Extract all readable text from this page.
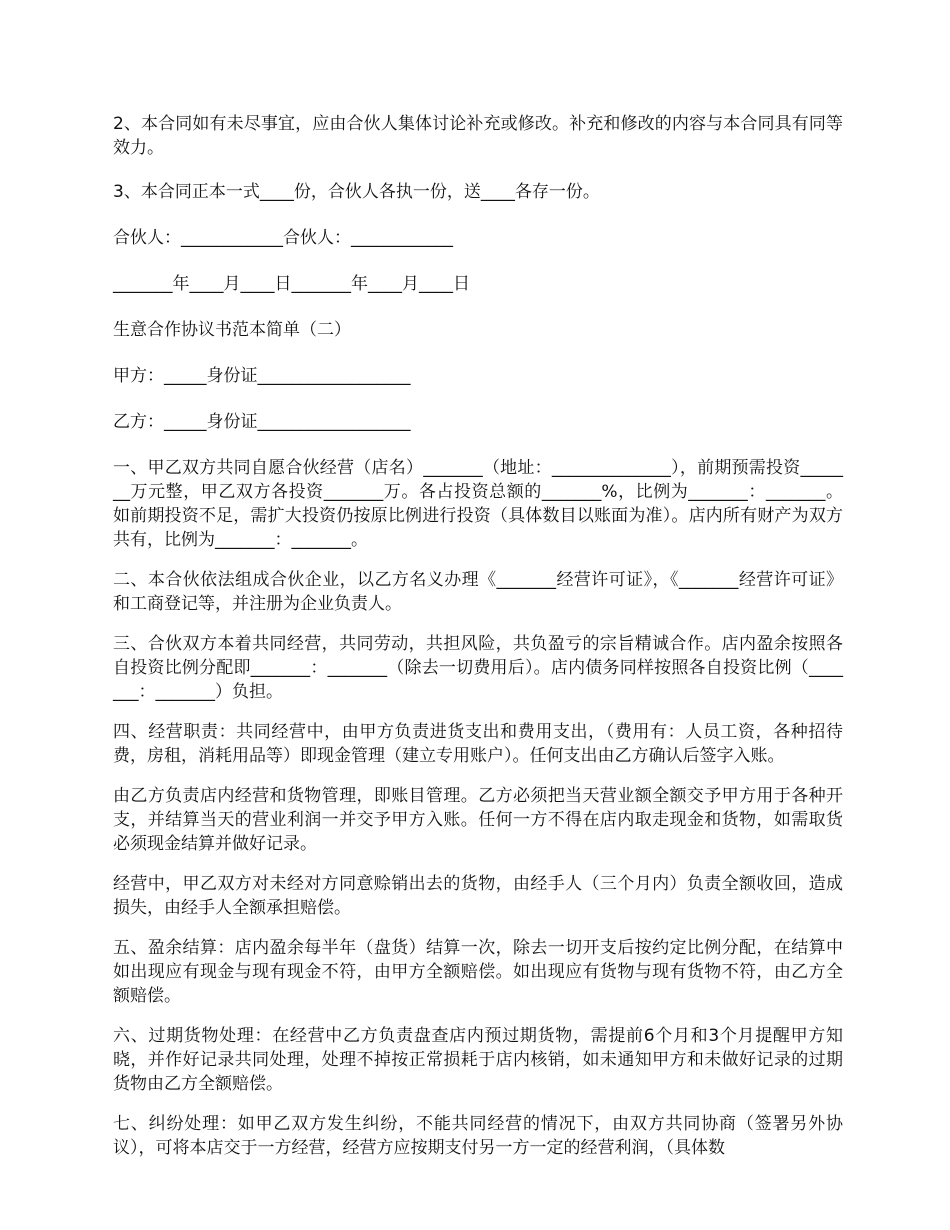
2、本合同如有未尽事宜，应由合伙人集体讨论补充或修改。补充和修改的内容与本合同具有同等效力。

3、本合同正本一式____份，合伙人各执一份，送____各存一份。

合伙人：____________合伙人：____________

_______年____月____日_______年____月____日

生意合作协议书范本简单（二）

甲方：_____身份证__________________

乙方：_____身份证__________________

一、甲乙双方共同自愿合伙经营（店名）_______（地址：______________），前期预需投资_______万元整，甲乙双方各投资_______万。各占投资总额的_______%，比例为_______：_______。如前期投资不足，需扩大投资仍按原比例进行投资（具体数目以账面为准）。店内所有财产为双方共有，比例为_______：_______。

二、本合伙依法组成合伙企业，以乙方名义办理《_______经营许可证》，《_______经营许可证》和工商登记等，并注册为企业负责人。

三、合伙双方本着共同经营，共同劳动，共担风险，共负盈亏的宗旨精诚合作。店内盈余按照各自投资比例分配即_______：_______（除去一切费用后）。店内债务同样按照各自投资比例（_______：_______）负担。

四、经营职责：共同经营中，由甲方负责进货支出和费用支出，（费用有：人员工资，各种招待费，房租，消耗用品等）即现金管理（建立专用账户）。任何支出由乙方确认后签字入账。

由乙方负责店内经营和货物管理，即账目管理。乙方必须把当天营业额全额交予甲方用于各种开支，并结算当天的营业利润一并交予甲方入账。任何一方不得在店内取走现金和货物，如需取货必须现金结算并做好记录。

经营中，甲乙双方对未经对方同意赊销出去的货物，由经手人（三个月内）负责全额收回，造成损失，由经手人全额承担赔偿。

五、盈余结算：店内盈余每半年（盘货）结算一次，除去一切开支后按约定比例分配，在结算中如出现应有现金与现有现金不符，由甲方全额赔偿。如出现应有货物与现有货物不符，由乙方全额赔偿。

六、过期货物处理：在经营中乙方负责盘查店内预过期货物，需提前6个月和3个月提醒甲方知晓，并作好记录共同处理，处理不掉按正常损耗于店内核销，如未通知甲方和未做好记录的过期货物由乙方全额赔偿。

七、纠纷处理：如甲乙双方发生纠纷，不能共同经营的情况下，由双方共同协商（签署另外协议），可将本店交于一方经营，经营方应按期支付另一方一定的经营利润，（具体数
